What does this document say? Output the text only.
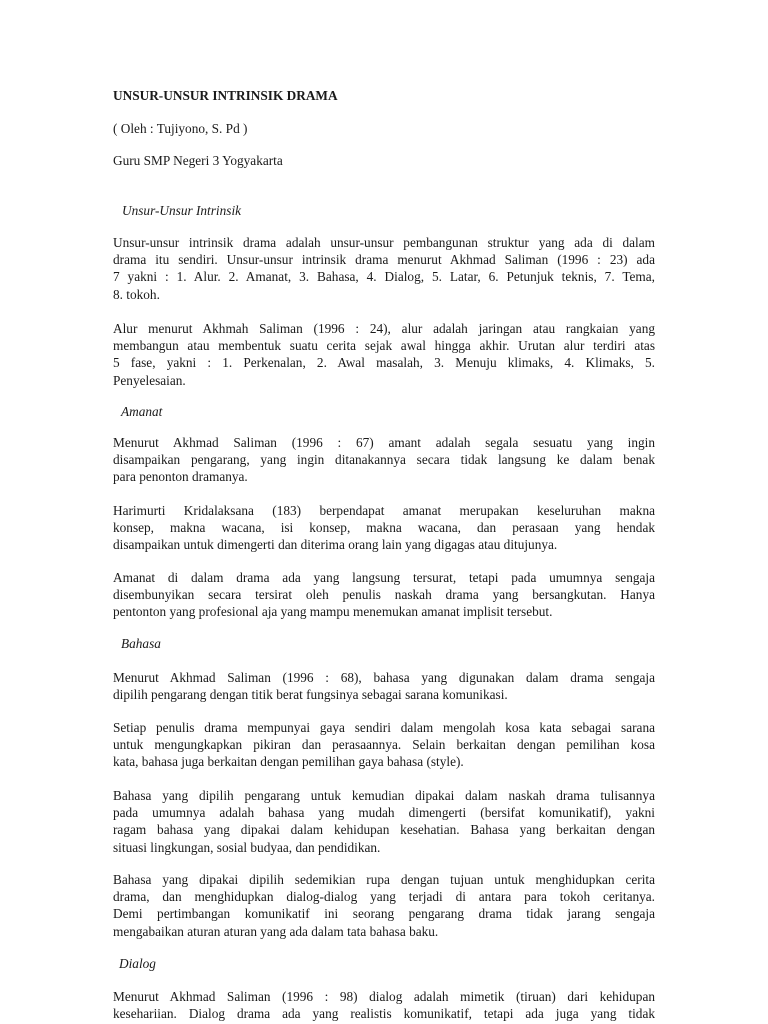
UNSUR-UNSUR INTRINSIK DRAMA
( Oleh : Tujiyono, S. Pd )
Guru SMP Negeri 3 Yogyakarta
Unsur-Unsur Intrinsik
Unsur-unsur intrinsik drama adalah unsur-unsur pembangunan struktur yang ada di dalam
drama itu sendiri. Unsur-unsur intrinsik drama menurut Akhmad Saliman (1996 : 23) ada
7 yakni : 1. Alur. 2. Amanat, 3. Bahasa, 4. Dialog, 5. Latar, 6. Petunjuk teknis, 7. Tema,
8. tokoh.
Alur menurut Akhmah Saliman (1996 : 24), alur adalah jaringan atau rangkaian yang
membangun atau membentuk suatu cerita sejak awal hingga akhir. Urutan alur terdiri atas
5 fase, yakni : 1. Perkenalan, 2. Awal masalah, 3. Menuju klimaks, 4. Klimaks, 5.
Penyelesaian.
Amanat
Menurut Akhmad Saliman (1996 : 67) amant adalah segala sesuatu yang ingin
disampaikan pengarang, yang ingin ditanakannya secara tidak langsung ke dalam benak
para penonton dramanya.
Harimurti Kridalaksana (183) berpendapat amanat merupakan keseluruhan makna
konsep, makna wacana, isi konsep, makna wacana, dan perasaan yang hendak
disampaikan untuk dimengerti dan diterima orang lain yang digagas atau ditujunya.
Amanat di dalam drama ada yang langsung tersurat, tetapi pada umumnya sengaja
disembunyikan secara tersirat oleh penulis naskah drama yang bersangkutan. Hanya
pentonton yang profesional aja yang mampu menemukan amanat implisit tersebut.
Bahasa
Menurut Akhmad Saliman (1996 : 68), bahasa yang digunakan dalam drama sengaja
dipilih pengarang dengan titik berat fungsinya sebagai sarana komunikasi.
Setiap penulis drama mempunyai gaya sendiri dalam mengolah kosa kata sebagai sarana
untuk mengungkapkan pikiran dan perasaannya. Selain berkaitan dengan pemilihan kosa
kata, bahasa juga berkaitan dengan pemilihan gaya bahasa (style).
Bahasa yang dipilih pengarang untuk kemudian dipakai dalam naskah drama tulisannya
pada umumnya adalah bahasa yang mudah dimengerti (bersifat komunikatif), yakni
ragam bahasa yang dipakai dalam kehidupan kesehatian. Bahasa yang berkaitan dengan
situasi lingkungan, sosial budyaa, dan pendidikan.
Bahasa yang dipakai dipilih sedemikian rupa dengan tujuan untuk menghidupkan cerita
drama, dan menghidupkan dialog-dialog yang terjadi di antara para tokoh ceritanya.
Demi pertimbangan komunikatif ini seorang pengarang drama tidak jarang sengaja
mengabaikan aturan aturan yang ada dalam tata bahasa baku.
Dialog
Menurut Akhmad Saliman (1996 : 98) dialog adalah mimetik (tiruan) dari kehidupan
kesehariian. Dialog drama ada yang realistis komunikatif, tetapi ada juga yang tidak
